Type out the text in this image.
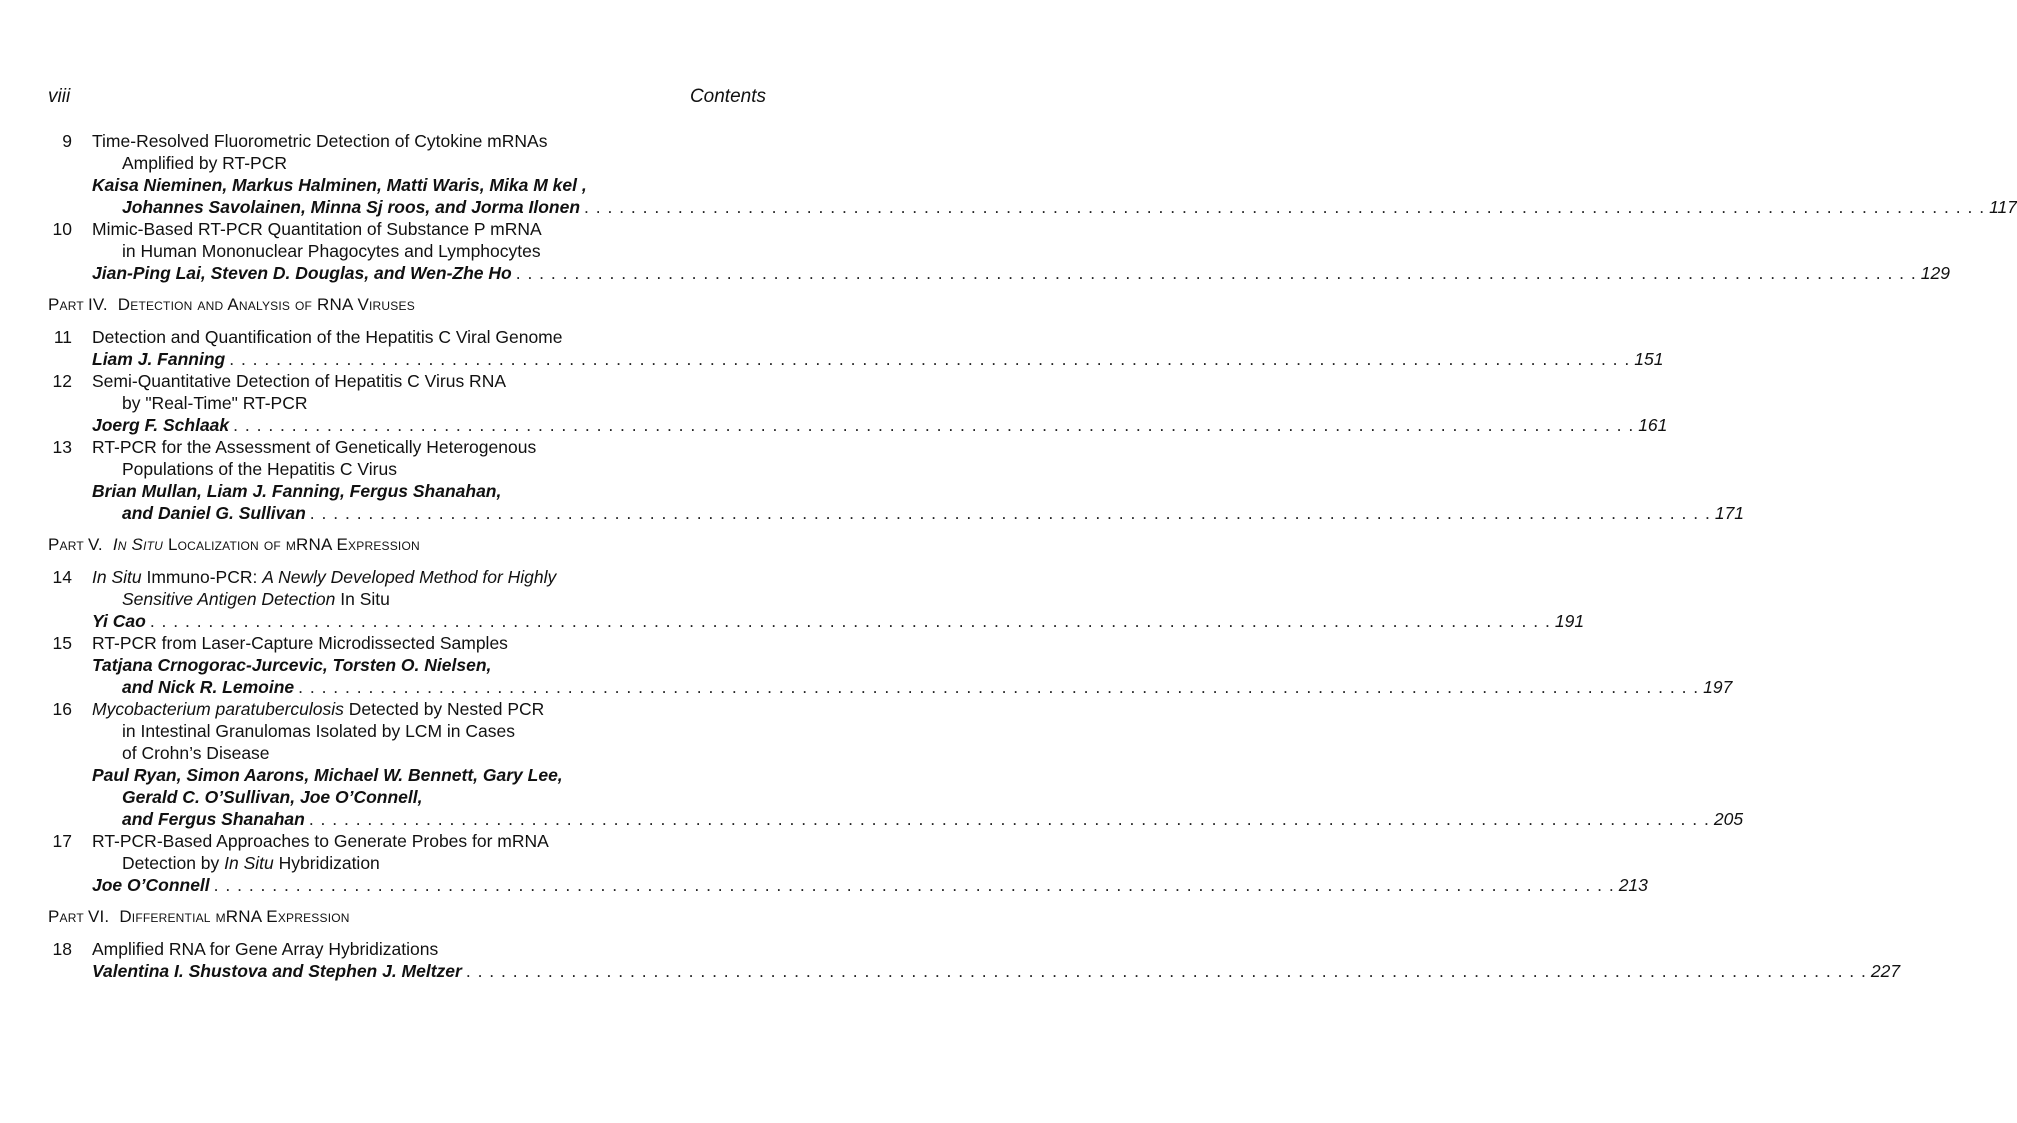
viii	Contents
9 Time-Resolved Fluorometric Detection of Cytokine mRNAs
Amplified by RT-PCR
Kaisa Nieminen, Markus Halminen, Matti Waris, Mika M kel ,
Johannes Savolainen, Minna Sj roos, and Jorma Ilonen . . . . . . . . . . . . . . . . . . . . . . . . . . . . . . . . . . . . . . . . . . . . . . . . . . . . . . . . . . . . . . . . . . . . . . . . . . . . . . . . . . . . . . . . . . . . . . . . . . . . . . . . . . . . . . . . . . . . . . . . 117
10 Mimic-Based RT-PCR Quantitation of Substance P mRNA
in Human Mononuclear Phagocytes and Lymphocytes
Jian-Ping Lai, Steven D. Douglas, and Wen-Zhe Ho . . . . . . . . . . . . . . . . . . . . . . . . . . . . . . . . . . . . . . . . . . . . . . . . . . . . . . . . . . . . . . . . . . . . . . . . . . . . . . . . . . . . . . . . . . . . . . . . . . . . . . . . . . . . . . . . . . . . . . . . 129
Part IV. Detection and Analysis of RNA Viruses
11 Detection and Quantification of the Hepatitis C Viral Genome
Liam J. Fanning . . . . . . . . . . . . . . . . . . . . . . . . . . . . . . . . . . . . . . . . . . . . . . . . . . . . . . . . . . . . . . . . . . . . . . . . . . . . . . . . . . . . . . . . . . . . . . . . . . . . . . . . . . . . . . . . . . . . . . . . 151
12 Semi-Quantitative Detection of Hepatitis C Virus RNA
by "Real-Time" RT-PCR
Joerg F. Schlaak . . . . . . . . . . . . . . . . . . . . . . . . . . . . . . . . . . . . . . . . . . . . . . . . . . . . . . . . . . . . . . . . . . . . . . . . . . . . . . . . . . . . . . . . . . . . . . . . . . . . . . . . . . . . . . . . . . . . . . . . 161
13 RT-PCR for the Assessment of Genetically Heterogenous
Populations of the Hepatitis C Virus
Brian Mullan, Liam J. Fanning, Fergus Shanahan,
and Daniel G. Sullivan . . . . . . . . . . . . . . . . . . . . . . . . . . . . . . . . . . . . . . . . . . . . . . . . . . . . . . . . . . . . . . . . . . . . . . . . . . . . . . . . . . . . . . . . . . . . . . . . . . . . . . . . . . . . . . . . . . . . . . . . 171
Part V. In Situ Localization of mRNA Expression
14 In Situ Immuno-PCR: A Newly Developed Method for Highly
Sensitive Antigen Detection In Situ
Yi Cao . . . . . . . . . . . . . . . . . . . . . . . . . . . . . . . . . . . . . . . . . . . . . . . . . . . . . . . . . . . . . . . . . . . . . . . . . . . . . . . . . . . . . . . . . . . . . . . . . . . . . . . . . . . . . . . . . . . . . . . . 191
15 RT-PCR from Laser-Capture Microdissected Samples
Tatjana Crnogorac-Jurcevic, Torsten O. Nielsen,
and Nick R. Lemoine . . . . . . . . . . . . . . . . . . . . . . . . . . . . . . . . . . . . . . . . . . . . . . . . . . . . . . . . . . . . . . . . . . . . . . . . . . . . . . . . . . . . . . . . . . . . . . . . . . . . . . . . . . . . . . . . . . . . . . . . 197
16 Mycobacterium paratuberculosis Detected by Nested PCR
in Intestinal Granulomas Isolated by LCM in Cases
of Crohn’s Disease
Paul Ryan, Simon Aarons, Michael W. Bennett, Gary Lee,
Gerald C. O’Sullivan, Joe O’Connell,
and Fergus Shanahan . . . . . . . . . . . . . . . . . . . . . . . . . . . . . . . . . . . . . . . . . . . . . . . . . . . . . . . . . . . . . . . . . . . . . . . . . . . . . . . . . . . . . . . . . . . . . . . . . . . . . . . . . . . . . . . . . . . . . . . . 205
17 RT-PCR-Based Approaches to Generate Probes for mRNA
Detection by In Situ Hybridization
Joe O’Connell . . . . . . . . . . . . . . . . . . . . . . . . . . . . . . . . . . . . . . . . . . . . . . . . . . . . . . . . . . . . . . . . . . . . . . . . . . . . . . . . . . . . . . . . . . . . . . . . . . . . . . . . . . . . . . . . . . . . . . . . 213
Part VI. Differential mRNA Expression
18 Amplified RNA for Gene Array Hybridizations
Valentina I. Shustova and Stephen J. Meltzer . . . . . . . . . . . . . . . . . . . . . . . . . . . . . . . . . . . . . . . . . . . . . . . . . . . . . . . . . . . . . . . . . . . . . . . . . . . . . . . . . . . . . . . . . . . . . . . . . . . . . . . . . . . . . . . . . . . . . . . . 227
